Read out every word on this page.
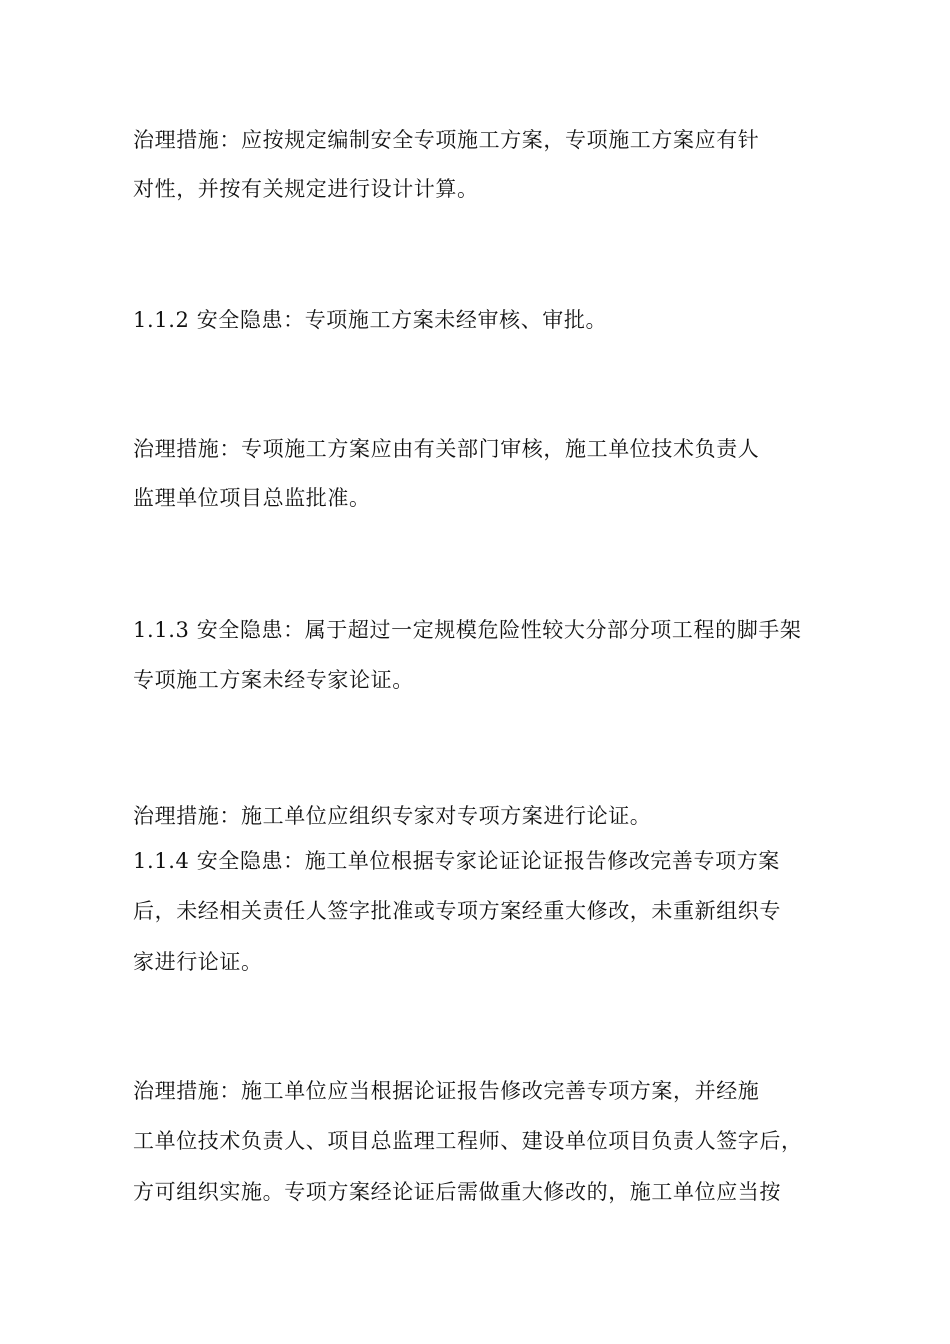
治理措施：应按规定编制安全专项施工方案，专项施工方案应有针
对性，并按有关规定进行设计计算。
1.1.2 安全隐患：专项施工方案未经审核、审批。
治理措施：专项施工方案应由有关部门审核，施工单位技术负责人
监理单位项目总监批准。
1.1.3 安全隐患：属于超过一定规模危险性较大分部分项工程的脚手架
专项施工方案未经专家论证。
治理措施：施工单位应组织专家对专项方案进行论证。
1.1.4 安全隐患：施工单位根据专家论证论证报告修改完善专项方案
后，未经相关责任人签字批准或专项方案经重大修改，未重新组织专
家进行论证。
治理措施：施工单位应当根据论证报告修改完善专项方案，并经施
工单位技术负责人、项目总监理工程师、建设单位项目负责人签字后，
方可组织实施。专项方案经论证后需做重大修改的，施工单位应当按
